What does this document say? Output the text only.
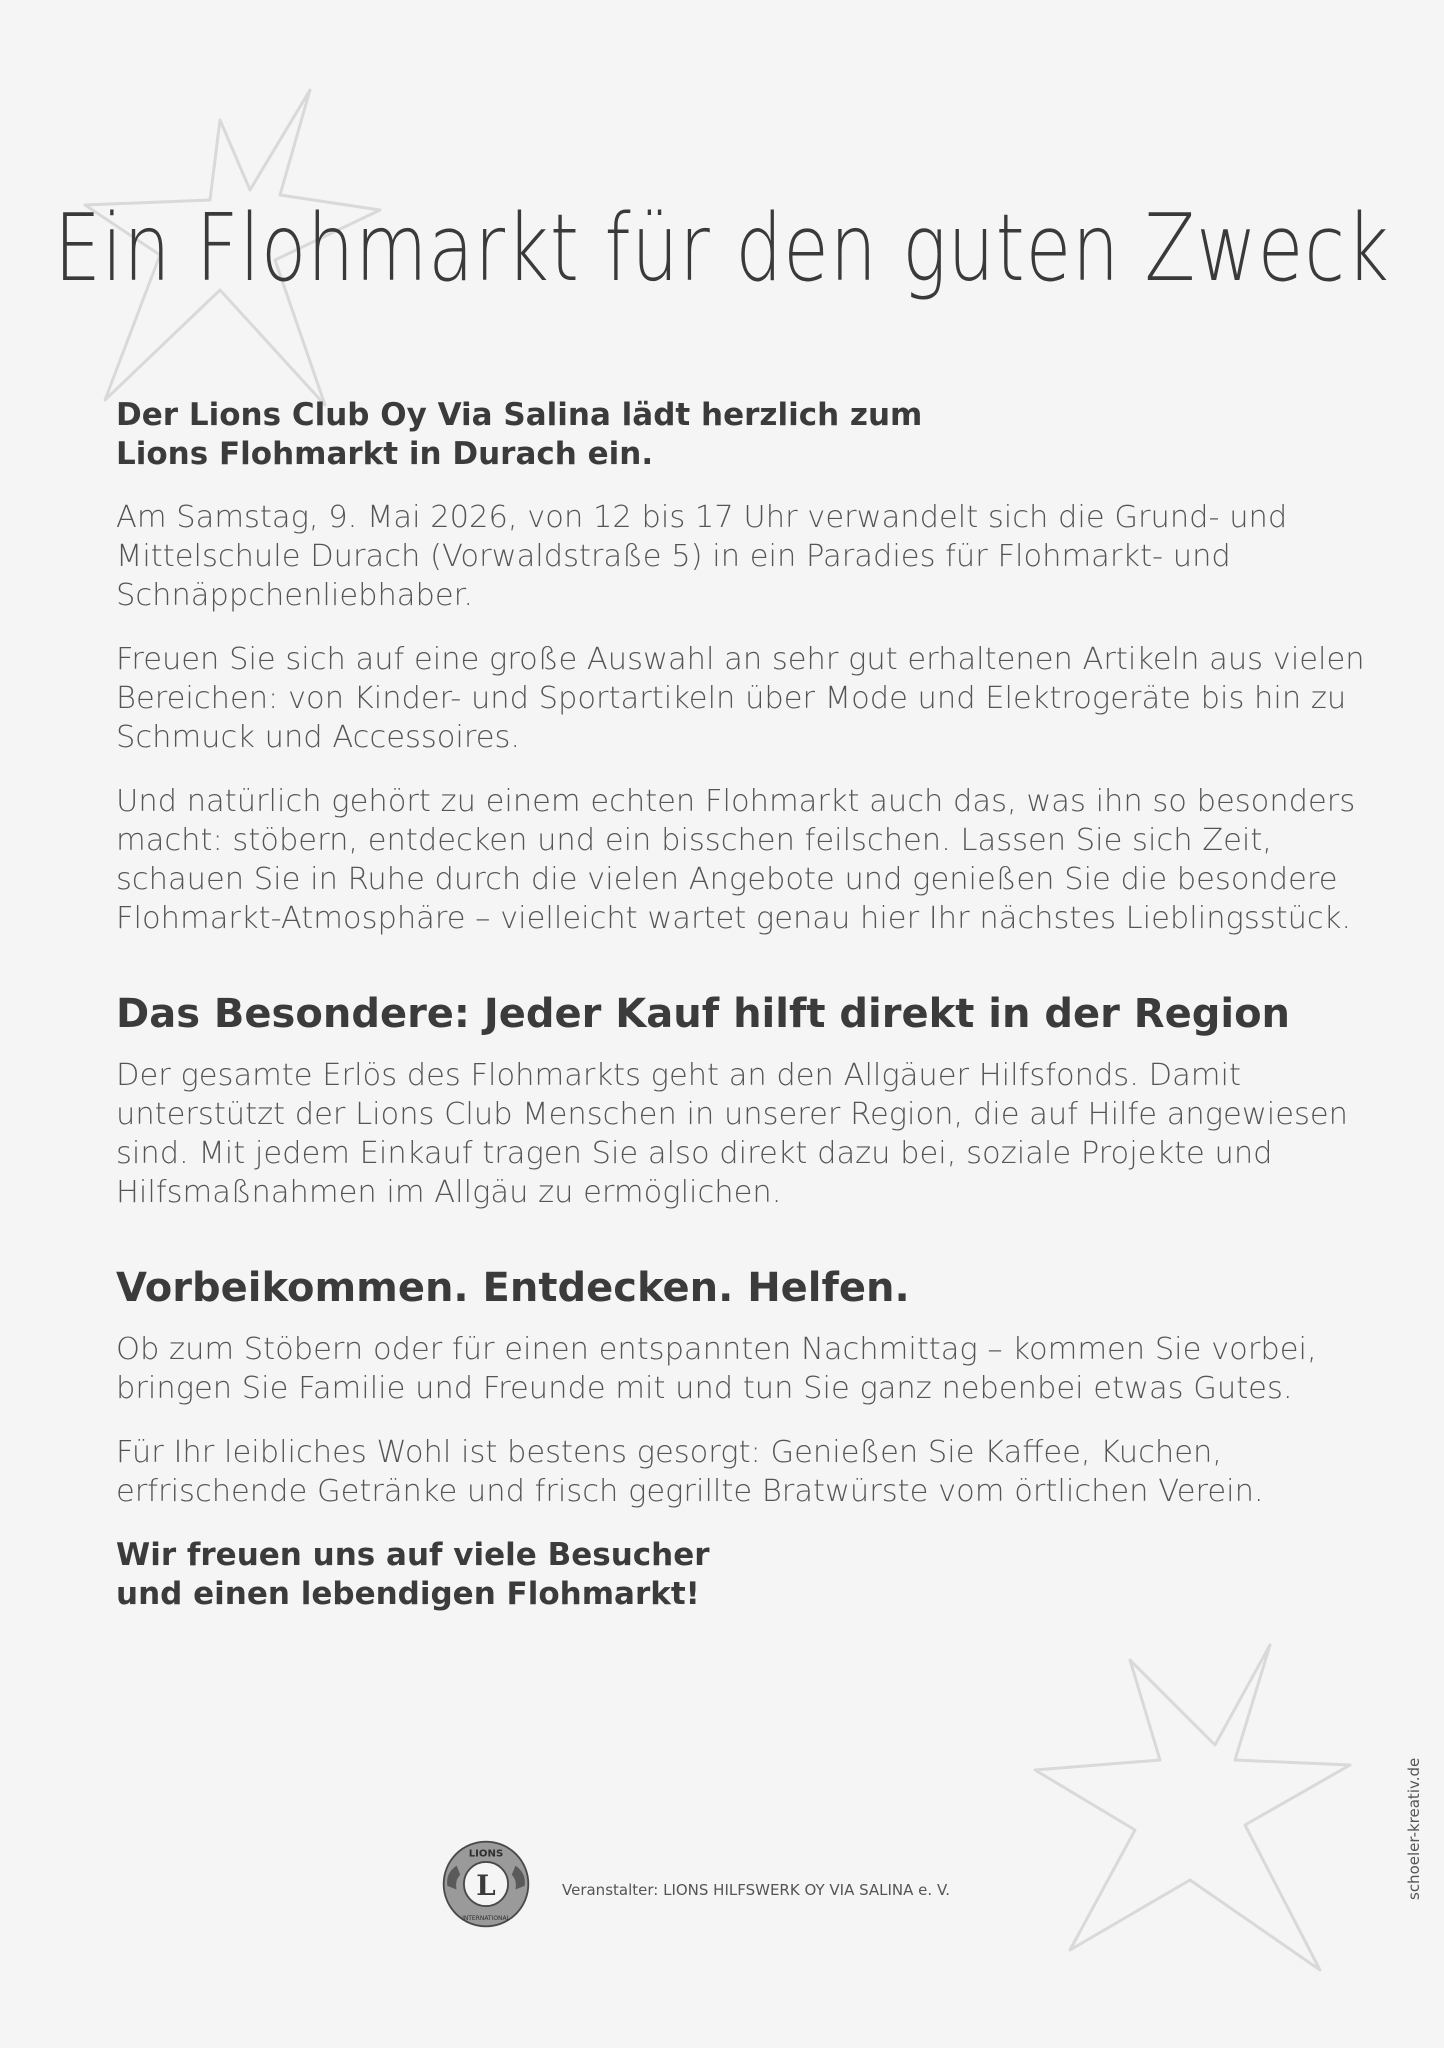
Ein Flohmarkt für den guten Zweck

Der Lions Club Oy Via Salina lädt herzlich zum Lions Flohmarkt in Durach ein.

Am Samstag, 9. Mai 2026, von 12 bis 17 Uhr verwandelt sich die Grund- und Mittelschule Durach (Vorwaldstraße 5) in ein Paradies für Flohmarkt- und Schnäppchenliebhaber.

Freuen Sie sich auf eine große Auswahl an sehr gut erhaltenen Artikeln aus vielen Bereichen: von Kinder- und Sportartikeln über Mode und Elektrogeräte bis hin zu Schmuck und Accessoires.

Und natürlich gehört zu einem echten Flohmarkt auch das, was ihn so besonders macht: stöbern, entdecken und ein bisschen feilschen. Lassen Sie sich Zeit, schauen Sie in Ruhe durch die vielen Angebote und genießen Sie die besondere Flohmarkt-Atmosphäre – vielleicht wartet genau hier Ihr nächstes Lieblingsstück.

Das Besondere: Jeder Kauf hilft direkt in der Region

Der gesamte Erlös des Flohmarkts geht an den Allgäuer Hilfsfonds. Damit unterstützt der Lions Club Menschen in unserer Region, die auf Hilfe angewiesen sind. Mit jedem Einkauf tragen Sie also direkt dazu bei, soziale Projekte und Hilfsmaßnahmen im Allgäu zu ermöglichen.

Vorbeikommen. Entdecken. Helfen.

Ob zum Stöbern oder für einen entspannten Nachmittag – kommen Sie vorbei, bringen Sie Familie und Freunde mit und tun Sie ganz nebenbei etwas Gutes.

Für Ihr leibliches Wohl ist bestens gesorgt: Genießen Sie Kaffee, Kuchen, erfrischende Getränke und frisch gegrillte Bratwürste vom örtlichen Verein.

Wir freuen uns auf viele Besucher und einen lebendigen Flohmarkt!

L
LIONS
INTERNATIONAL
Veranstalter: LIONS HILFSWERK OY VIA SALINA e. V.	schoeler-kreativ.de
